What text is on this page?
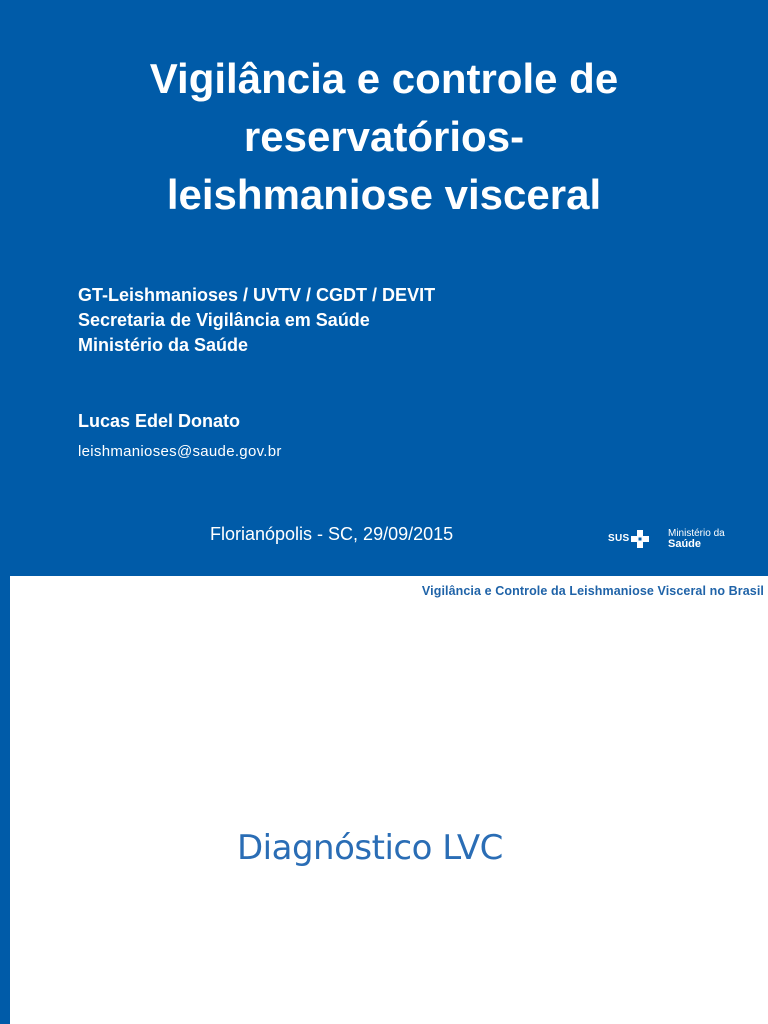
Vigilância e controle de
reservatórios-
leishmaniose visceral
GT-Leishmanioses / UVTV / CGDT / DEVIT
Secretaria de Vigilância em Saúde
Ministério da Saúde
Lucas Edel Donato
leishmanioses@saude.gov.br
Florianópolis - SC, 29/09/2015	SUS	Ministério da
Saúde
Vigilância e Controle da Leishmaniose Visceral no Brasil
Diagnóstico LVC
